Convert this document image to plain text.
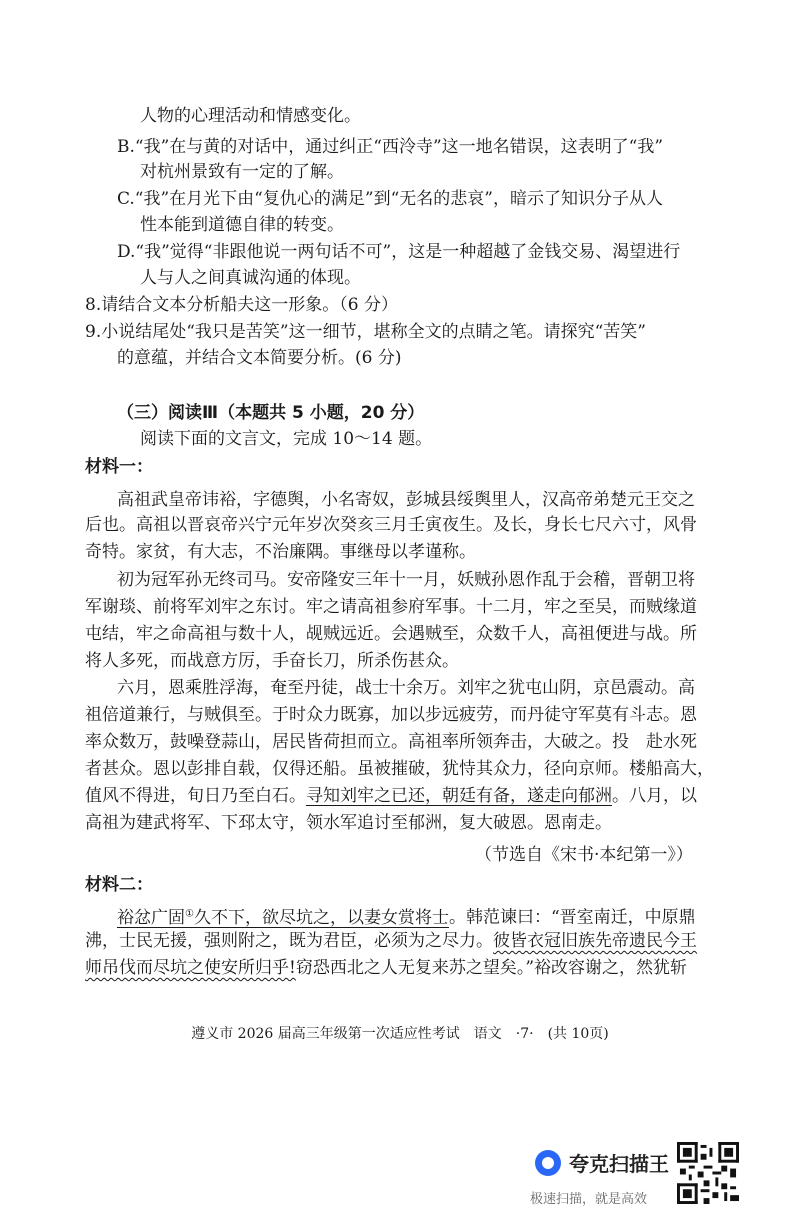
人物的心理活动和情感变化。
B.“我”在与黄的对话中，通过纠正“西泠寺”这一地名错误，这表明了“我”
对杭州景致有一定的了解。
C.“我”在月光下由“复仇心的满足”到“无名的悲哀”，暗示了知识分子从人
性本能到道德自律的转变。
D.“我”觉得“非跟他说一两句话不可”，这是一种超越了金钱交易、渴望进行
人与人之间真诚沟通的体现。
8.请结合文本分析船夫这一形象。（6 分）
9.小说结尾处“我只是苦笑”这一细节，堪称全文的点睛之笔。请探究“苦笑”
的意蕴，并结合文本简要分析。(6 分)
（三）阅读Ⅲ（本题共 5 小题，20 分）
阅读下面的文言文，完成 10～14 题。
材料一：
高祖武皇帝讳裕，字德舆，小名寄奴，彭城县绥舆里人，汉高帝弟楚元王交之
后也。高祖以晋哀帝兴宁元年岁次癸亥三月壬寅夜生。及长，身长七尺六寸，风骨
奇特。家贫，有大志，不治廉隅。事继母以孝谨称。
初为冠军孙无终司马。安帝隆安三年十一月，妖贼孙恩作乱于会稽，晋朝卫将
军谢琰、前将军刘牢之东讨。牢之请高祖参府军事。十二月，牢之至吴，而贼缘道
屯结，牢之命高祖与数十人，觇贼远近。会遇贼至，众数千人，高祖便进与战。所
将人多死，而战意方厉，手奋长刀，所杀伤甚众。
六月，恩乘胜浮海，奄至丹徒，战士十余万。刘牢之犹屯山阴，京邑震动。高
祖倍道兼行，与贼俱至。于时众力既寡，加以步远疲劳，而丹徒守军莫有斗志。恩
率众数万，鼓噪登蒜山，居民皆荷担而立。高祖率所领奔击，大破之。投　赴水死
者甚众。恩以彭排自载，仅得还船。虽被摧破，犹恃其众力，径向京师。楼船高大，
值风不得进，旬日乃至白石。寻知刘牢之已还，朝廷有备，遂走向郁洲。八月，以
高祖为建武将军、下邳太守，领水军追讨至郁洲，复大破恩。恩南走。
（节选自《宋书·本纪第一》）
材料二：
裕忿广固①久不下，欲尽坑之，以妻女赏将士。韩范谏曰：“晋室南迁，中原鼎
沸，士民无援，强则附之，既为君臣，必须为之尽力。彼皆衣冠旧族先帝遗民今王
师吊伐而尽坑之使安所归乎!窃恐西北之人无复来苏之望矣。”裕改容谢之，然犹斩
遵义市 2026 届高三年级第一次适应性考试　语文　·7·　(共 10页)
夸克扫描王
极速扫描，就是高效
